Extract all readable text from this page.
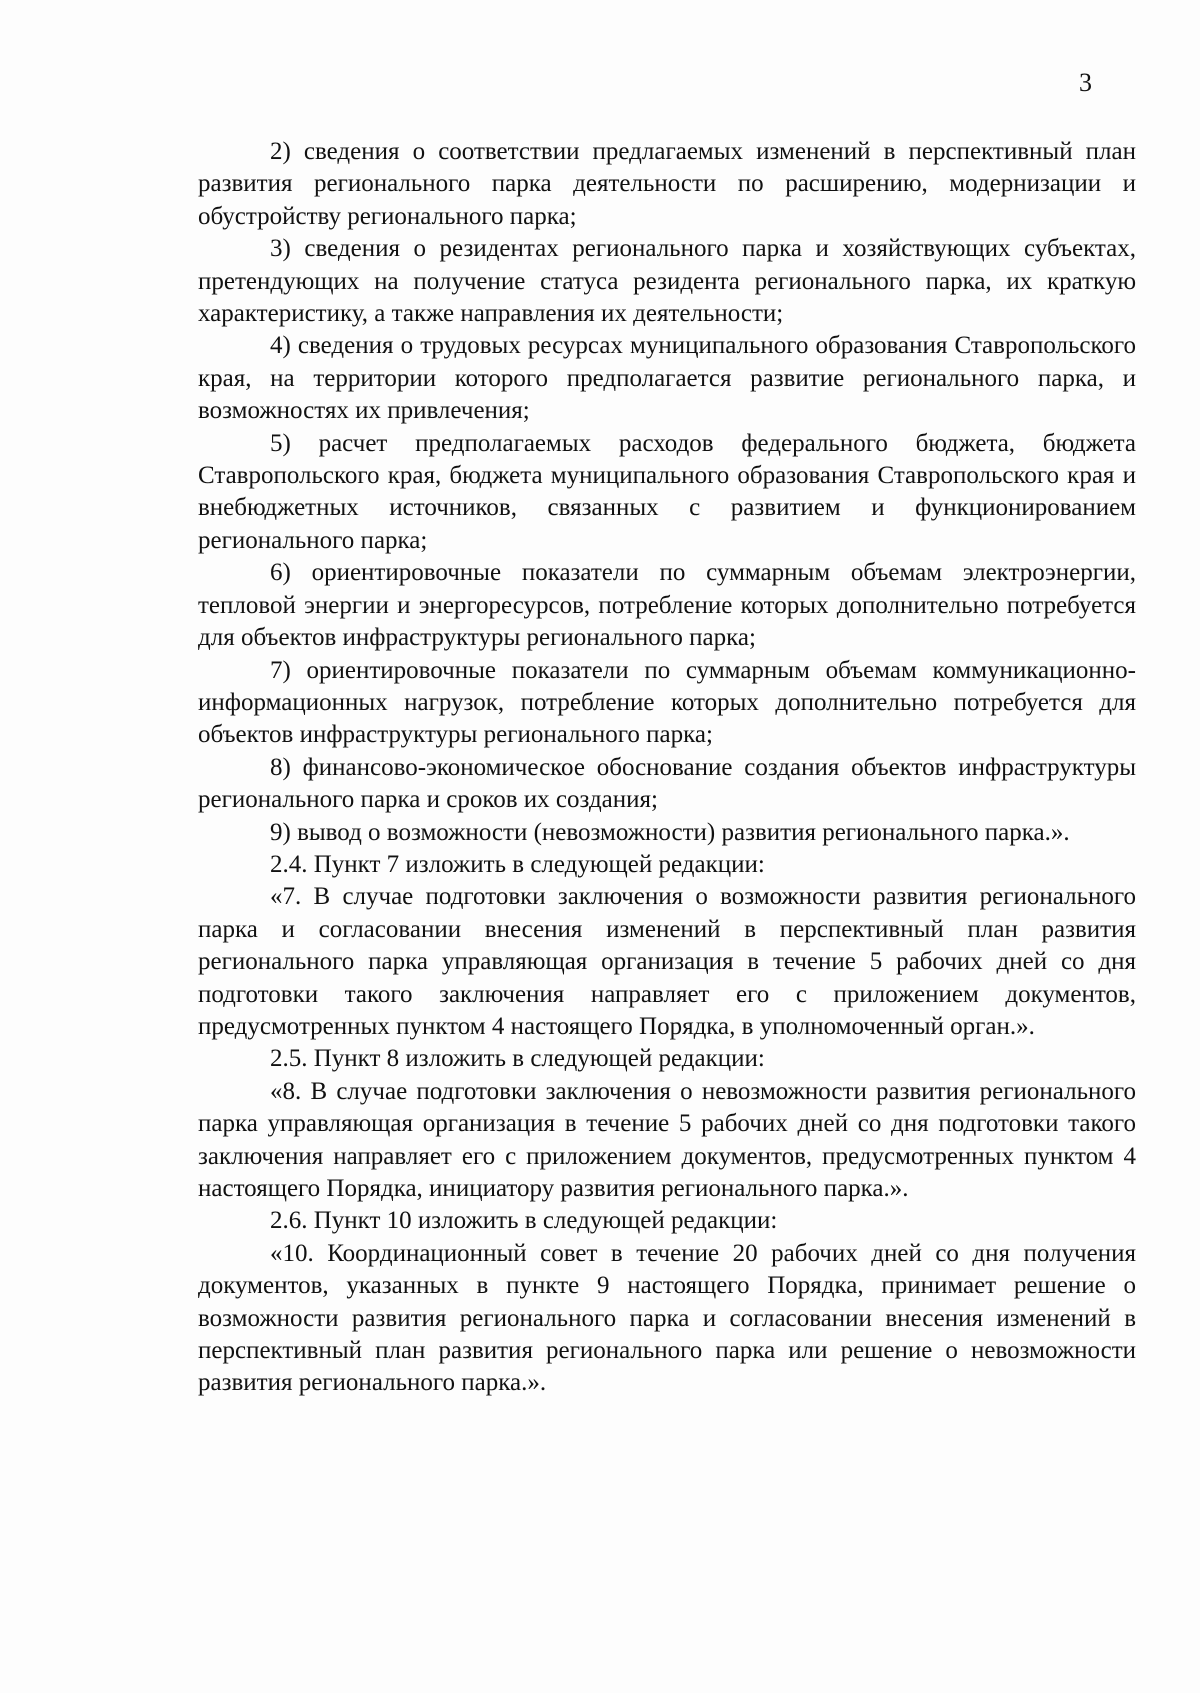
3

2) сведения о соответствии предлагаемых изменений в перспективный план развития регионального парка деятельности по расширению, модернизации и обустройству регионального парка;

3) сведения о резидентах регионального парка и хозяйствующих субъектах, претендующих на получение статуса резидента регионального парка, их краткую характеристику, а также направления их деятельности;

4) сведения о трудовых ресурсах муниципального образования Ставропольского края, на территории которого предполагается развитие регионального парка, и возможностях их привлечения;

5) расчет предполагаемых расходов федерального бюджета, бюджета Ставропольского края, бюджета муниципального образования Ставропольского края и внебюджетных источников, связанных с развитием и функционированием регионального парка;

6) ориентировочные показатели по суммарным объемам электроэнергии, тепловой энергии и энергоресурсов, потребление которых дополнительно потребуется для объектов инфраструктуры регионального парка;

7) ориентировочные показатели по суммарным объемам коммуникационно-информационных нагрузок, потребление которых дополнительно потребуется для объектов инфраструктуры регионального парка;

8) финансово-экономическое обоснование создания объектов инфраструктуры регионального парка и сроков их создания;

9) вывод о возможности (невозможности) развития регионального парка.».

2.4. Пункт 7 изложить в следующей редакции:

«7. В случае подготовки заключения о возможности развития регионального парка и согласовании внесения изменений в перспективный план развития регионального парка управляющая организация в течение 5 рабочих дней со дня подготовки такого заключения направляет его с приложением документов, предусмотренных пунктом 4 настоящего Порядка, в уполномоченный орган.».

2.5. Пункт 8 изложить в следующей редакции:

«8. В случае подготовки заключения о невозможности развития регионального парка управляющая организация в течение 5 рабочих дней со дня подготовки такого заключения направляет его с приложением документов, предусмотренных пунктом 4 настоящего Порядка, инициатору развития регионального парка.».

2.6. Пункт 10 изложить в следующей редакции:

«10. Координационный совет в течение 20 рабочих дней со дня получения документов, указанных в пункте 9 настоящего Порядка, принимает решение о возможности развития регионального парка и согласовании внесения изменений в перспективный план развития регионального парка или решение о невозможности развития регионального парка.».
